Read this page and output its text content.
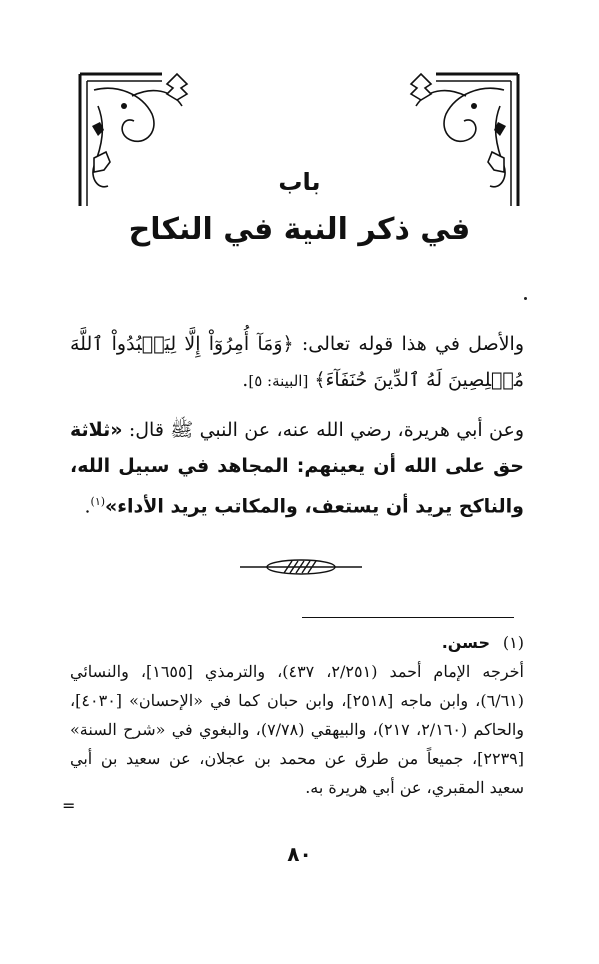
باب
في ذكر النية في النكاح
والأصل في هذا قوله تعالى: ﴿وَمَآ أُمِرُوٓاْ إِلَّا لِيَعۡبُدُواْ ٱللَّهَ مُخۡلِصِينَ لَهُ ٱلدِّينَ حُنَفَآءَ﴾ [البينة: ٥].
وعن أبي هريرة، رضي الله عنه، عن النبي ﷺ قال: «ثلاثة حق على الله أن يعينهم: المجاهد في سبيل الله، والناكح يريد أن يستعف، والمكاتب يريد الأداء»$^{(١)}$.
(١)حسن.
أخرجه الإمام أحمد (٢/٢٥١، ٤٣٧)، والترمذي [١٦٥٥]، والنسائي (٦/٦١)، وابن ماجه [٢٥١٨]، وابن حبان كما في «الإحسان» [٤٠٣٠]، والحاكم (٢/١٦٠، ٢١٧)، والبيهقي (٧/٧٨)، والبغوي في «شرح السنة» [٢٢٣٩]، جميعاً من طرق عن محمد بن عجلان، عن سعيد بن أبي سعيد المقبري، عن أبي هريرة به.
=
٨٠
